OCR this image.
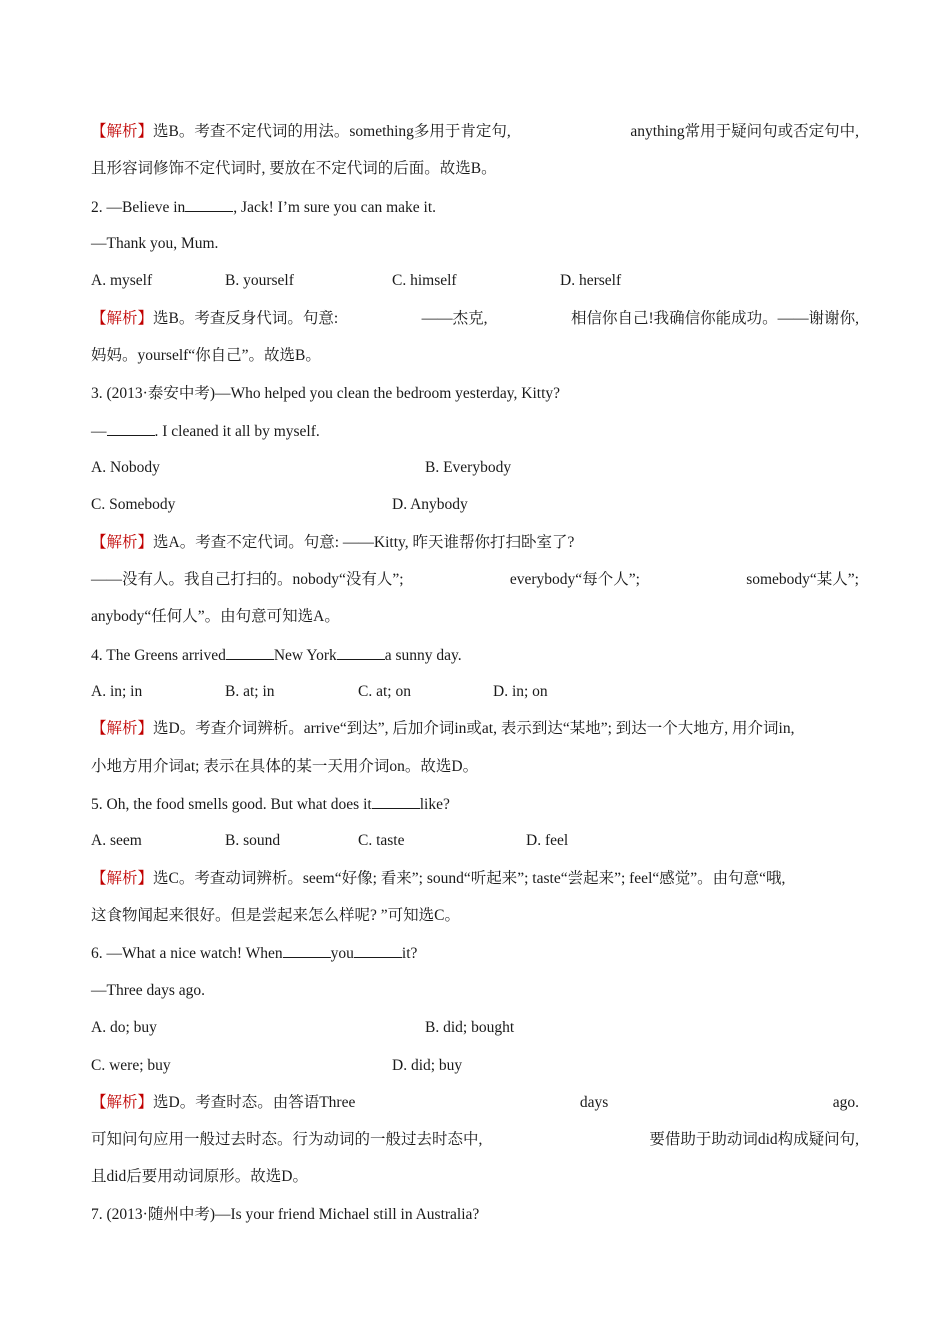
【解析】选B。考查不定代词的用法。something多用于肯定句,	anything常用于疑问句或否定句中,
且形容词修饰不定代词时, 要放在不定代词的后面。故选B。
2. —Believe in	, Jack! I’m sure you can make it.
—Thank you, Mum.
A. myself	B. yourself	C. himself	D. herself
【解析】选B。考查反身代词。句意:	——杰克,	相信你自己!我确信你能成功。——谢谢你,
妈妈。yourself“你自己”。故选B。
3. (2013·泰安中考)—Who helped you clean the bedroom yesterday, Kitty?
—	. I cleaned it all by myself.
A. Nobody	B. Everybody
C. Somebody	D. Anybody
【解析】选A。考查不定代词。句意: ——Kitty, 昨天谁帮你打扫卧室了?
——没有人。我自己打扫的。nobody“没有人”;	everybody“每个人”;	somebody“某人”;
anybody“任何人”。由句意可知选A。
4. The Greens arrived	New York	a sunny day.
A. in; in	B. at; in	C. at; on	D. in; on
【解析】选D。考查介词辨析。arrive“到达”, 后加介词in或at, 表示到达“某地”; 到达一个大地方, 用介词in,
小地方用介词at; 表示在具体的某一天用介词on。故选D。
5. Oh, the food smells good. But what does it	like?
A. seem	B. sound	C. taste	D. feel
【解析】选C。考查动词辨析。seem“好像; 看来”; sound“听起来”; taste“尝起来”; feel“感觉”。由句意“哦,
这食物闻起来很好。但是尝起来怎么样呢? ”可知选C。
6. —What a nice watch! When	you	it?
—Three days ago.
A. do; buy	B. did; bought
C. were; buy	D. did; buy
【解析】选D。考查时态。由答语Three	days	ago.
可知问句应用一般过去时态。行为动词的一般过去时态中,	要借助于助动词did构成疑问句,
且did后要用动词原形。故选D。
7. (2013·随州中考)—Is your friend Michael still in Australia?
